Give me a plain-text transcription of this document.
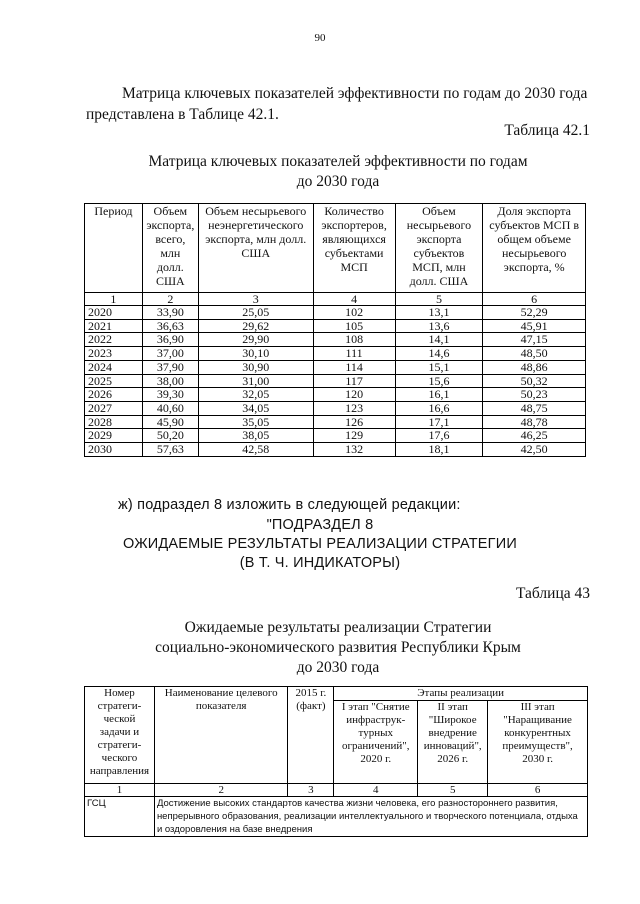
90
Матрица ключевых показателей эффективности по годам до 2030 года представлена в Таблице 42.1.
Таблица 42.1
Матрица ключевых показателей эффективности по годам
до 2030 года
Период	Объем экспорта, всего, млн долл. США	Объем несырьевого неэнергетического экспорта, млн долл. США	Количество экспортеров, являющихся субъектами МСП	Объем несырьевого экспорта субъектов МСП, млн долл. США	Доля экспорта субъектов МСП в общем объеме несырьевого экспорта, %
1	2	3	4	5	6
2020	33,90	25,05	102	13,1	52,29
2021	36,63	29,62	105	13,6	45,91
2022	36,90	29,90	108	14,1	47,15
2023	37,00	30,10	111	14,6	48,50
2024	37,90	30,90	114	15,1	48,86
2025	38,00	31,00	117	15,6	50,32
2026	39,30	32,05	120	16,1	50,23
2027	40,60	34,05	123	16,6	48,75
2028	45,90	35,05	126	17,1	48,78
2029	50,20	38,05	129	17,6	46,25
2030	57,63	42,58	132	18,1	42,50
ж) подраздел 8 изложить в следующей редакции:
"ПОДРАЗДЕЛ 8
ОЖИДАЕМЫЕ РЕЗУЛЬТАТЫ РЕАЛИЗАЦИИ СТРАТЕГИИ
(В Т. Ч. ИНДИКАТОРЫ)
Таблица 43
Ожидаемые результаты реализации Стратегии
социально-экономического развития Республики Крым
до 2030 года
Номер стратеги-ческой задачи и стратеги-ческого направления	Наименование целевого показателя	2015 г. (факт)	Этапы реализации		
			I этап "Снятие инфраструк-турных ограничений", 2020 г.	II этап "Широкое внедрение инноваций", 2026 г.	III этап "Наращивание конкурентных преимуществ", 2030 г.
1	2	3	4	5	6
ГСЦ	Достижение высоких стандартов качества жизни человека, его разностороннего развития, непрерывного образования, реализации интеллектуального и творческого потенциала, отдыха и оздоровления на базе внедрения				
